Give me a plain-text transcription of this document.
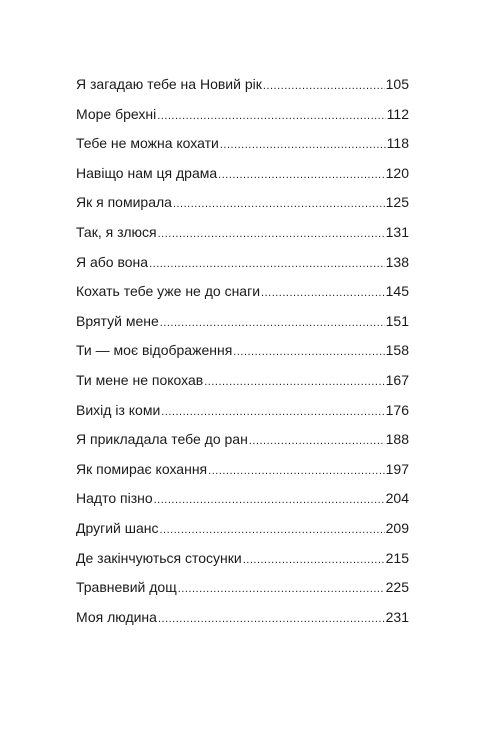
Я загадаю тебе на Новий рік .....	105
Море брехні .....	112
Тебе не можна кохати .....	118
Навіщо нам ця драма .....	120
Як я помирала .....	125
Так, я злюся .....	131
Я або вона .....	138
Кохать тебе уже не до снаги .....	145
Врятуй мене .....	151
Ти — моє відображення .....	158
Ти мене не покохав .....	167
Вихід із коми .....	176
Я прикладала тебе до ран .....	188
Як помирає кохання .....	197
Надто пізно .....	204
Другий шанс .....	209
Де закінчуються стосунки .....	215
Травневий дощ .....	225
Моя людина .....	231
